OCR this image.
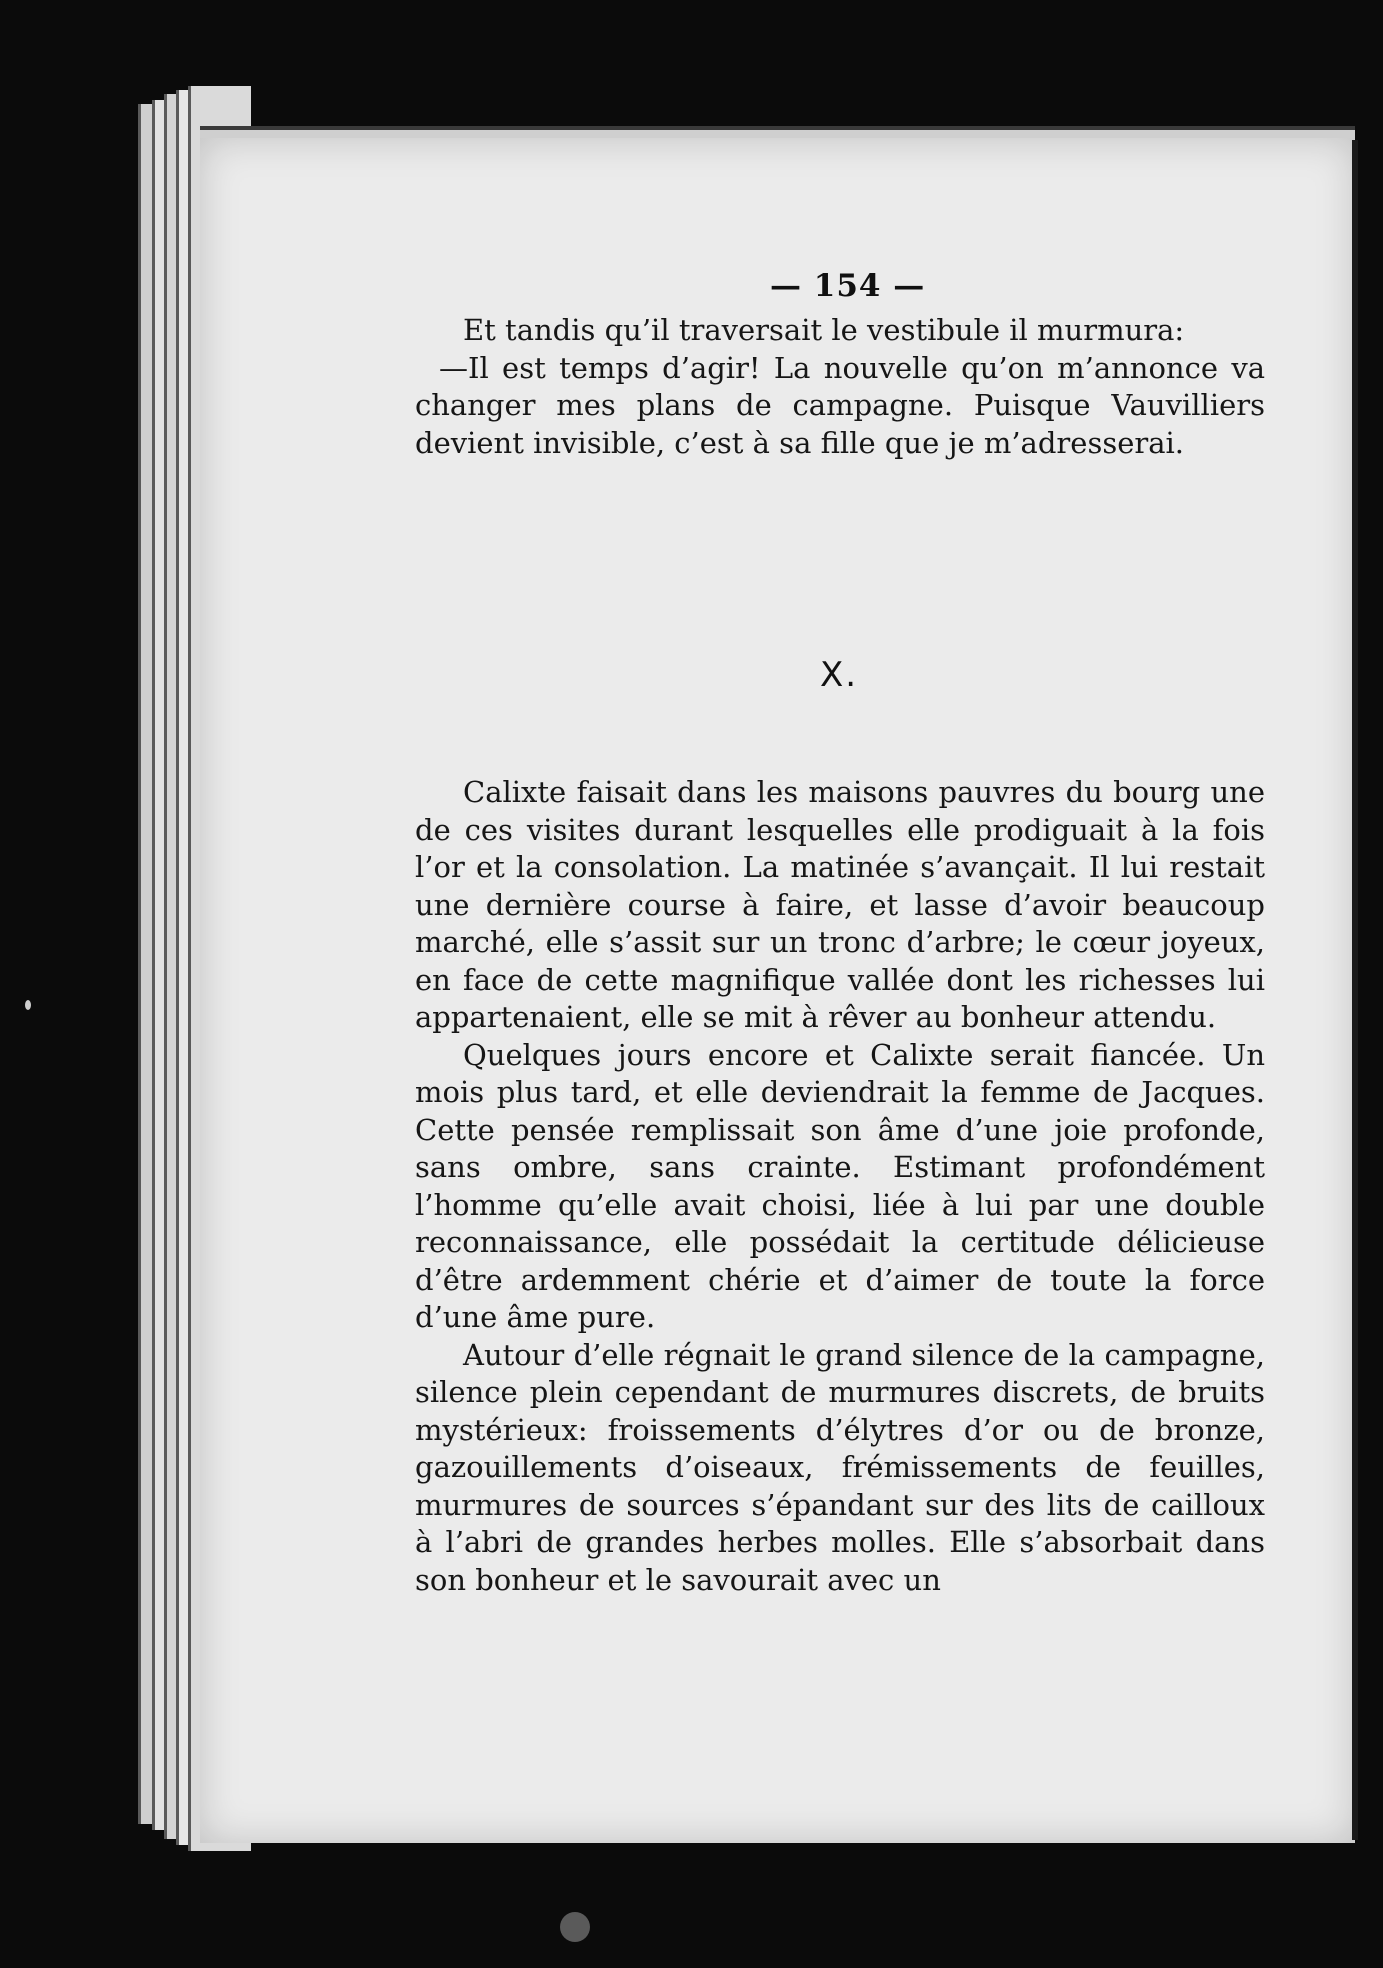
— 154 —

Et tandis qu’il traversait le vestibule il murmura:

—Il est temps d’agir! La nouvelle qu’on m’annonce va changer mes plans de campagne. Puisque Vauvilliers devient invisible, c’est à sa fille que je m’adresserai.

X.

Calixte faisait dans les maisons pauvres du bourg une de ces visites durant lesquelles elle prodiguait à la fois l’or et la consolation. La matinée s’avançait. Il lui restait une dernière course à faire, et lasse d’avoir beaucoup marché, elle s’assit sur un tronc d’arbre; le cœur joyeux, en face de cette magnifique vallée dont les richesses lui appartenaient, elle se mit à rêver au bonheur attendu.

Quelques jours encore et Calixte serait fiancée. Un mois plus tard, et elle deviendrait la femme de Jacques. Cette pensée remplissait son âme d’une joie profonde, sans ombre, sans crainte. Estimant profondément l’homme qu’elle avait choisi, liée à lui par une double reconnaissance, elle possédait la certitude délicieuse d’être ardemment chérie et d’aimer de toute la force d’une âme pure.

Autour d’elle régnait le grand silence de la campagne, silence plein cependant de murmures discrets, de bruits mystérieux: froissements d’élytres d’or ou de bronze, gazouillements d’oiseaux, frémissements de feuilles, murmures de sources s’épandant sur des lits de cailloux à l’abri de grandes herbes molles. Elle s’absorbait dans son bonheur et le savourait avec un
